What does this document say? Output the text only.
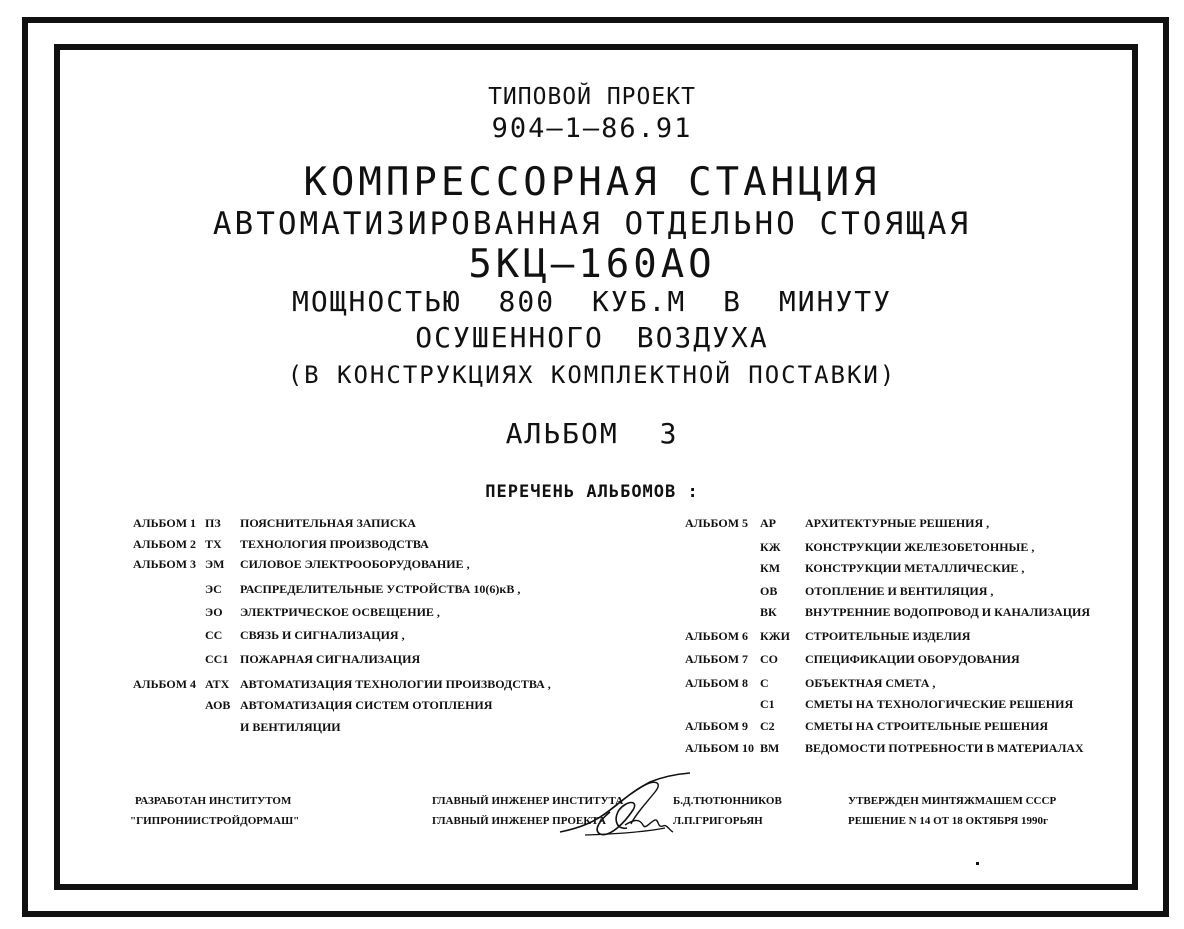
ТИПОВОЙ ПРОЕКТ
904–1–86.91
КОМПРЕССОРНАЯ СТАНЦИЯ
АВТОМАТИЗИРОВАННАЯ ОТДЕЛЬНО СТОЯЩАЯ
5КЦ–160АО
МОЩНОСТЬЮ 800 КУБ.М В МИНУТУ
ОСУШЕННОГО ВОЗДУХА
(В КОНСТРУКЦИЯХ КОМПЛЕКТНОЙ ПОСТАВКИ)
АЛЬБОМ 3
ПЕРЕЧЕНЬ АЛЬБОМОВ :
АЛЬБОМ 1 ПЗ ПОЯСНИТЕЛЬНАЯ ЗАПИСКА
АЛЬБОМ 2 ТХ ТЕХНОЛОГИЯ ПРОИЗВОДСТВА
АЛЬБОМ 3 ЭМ СИЛОВОЕ ЭЛЕКТРООБОРУДОВАНИЕ ,
ЭС РАСПРЕДЕЛИТЕЛЬНЫЕ УСТРОЙСТВА 10(6)кВ ,
ЭО ЭЛЕКТРИЧЕСКОЕ ОСВЕЩЕНИЕ ,
СС СВЯЗЬ И СИГНАЛИЗАЦИЯ ,
СС1 ПОЖАРНАЯ СИГНАЛИЗАЦИЯ
АЛЬБОМ 4 АТХ АВТОМАТИЗАЦИЯ ТЕХНОЛОГИИ ПРОИЗВОДСТВА ,
АОВ АВТОМАТИЗАЦИЯ СИСТЕМ ОТОПЛЕНИЯ
И ВЕНТИЛЯЦИИ
АЛЬБОМ 5 АР АРХИТЕКТУРНЫЕ РЕШЕНИЯ ,
КЖ КОНСТРУКЦИИ ЖЕЛЕЗОБЕТОННЫЕ ,
КМ КОНСТРУКЦИИ МЕТАЛЛИЧЕСКИЕ ,
ОВ ОТОПЛЕНИЕ И ВЕНТИЛЯЦИЯ ,
ВК ВНУТРЕННИЕ ВОДОПРОВОД И КАНАЛИЗАЦИЯ
АЛЬБОМ 6 КЖИ СТРОИТЕЛЬНЫЕ ИЗДЕЛИЯ
АЛЬБОМ 7 СО СПЕЦИФИКАЦИИ ОБОРУДОВАНИЯ
АЛЬБОМ 8 С	ОБЪЕКТНАЯ СМЕТА ,
С1	СМЕТЫ НА ТЕХНОЛОГИЧЕСКИЕ РЕШЕНИЯ
АЛЬБОМ 9 С2	СМЕТЫ НА СТРОИТЕЛЬНЫЕ РЕШЕНИЯ
АЛЬБОМ 10 ВМ ВЕДОМОСТИ ПОТРЕБНОСТИ В МАТЕРИАЛАХ
РАЗРАБОТАН ИНСТИТУТОМ
"ГИПРОНИИСТРОЙДОРМАШ"
ГЛАВНЫЙ ИНЖЕНЕР ИНСТИТУТА
ГЛАВНЫЙ ИНЖЕНЕР ПРОЕКТА
Б.Д.ТЮТЮННИКОВ
Л.П.ГРИГОРЬЯН
УТВЕРЖДЕН МИНТЯЖМАШЕМ СССР
РЕШЕНИЕ N 14 ОТ 18 ОКТЯБРЯ 1990г
